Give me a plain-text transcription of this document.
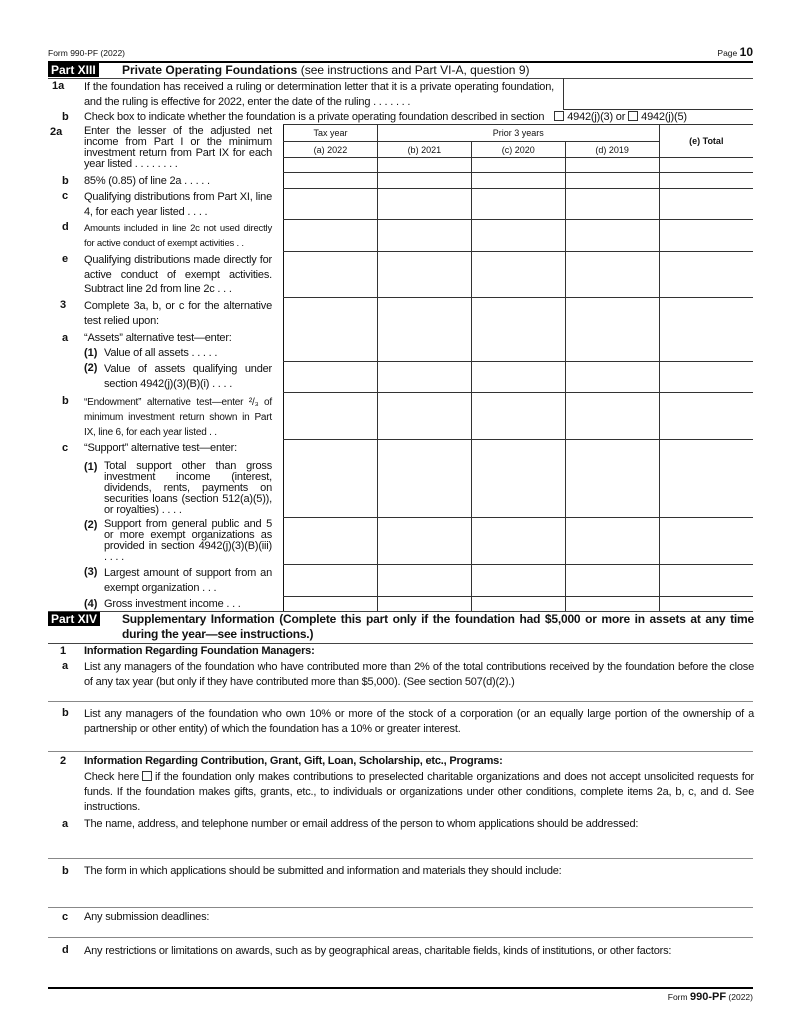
Form 990-PF (2022)	Page 10
Part XIII Private Operating Foundations (see instructions and Part VI-A, question 9)
1a If the foundation has received a ruling or determination letter that it is a private operating foundation, and the ruling is effective for 2022, enter the date of the ruling . . . . . . .
b Check box to indicate whether the foundation is a private operating foundation described in section 4942(j)(3) or 4942(j)(5)
2a Enter the lesser of the adjusted net income from Part I or the minimum investment return from Part IX for each year listed . . . . . . . .
b 85% (0.85) of line 2a . . . . .
c Qualifying distributions from Part XI, line 4, for each year listed . . . .
d Amounts included in line 2c not used directly for active conduct of exempt activities . .
e Qualifying distributions made directly for active conduct of exempt activities. Subtract line 2d from line 2c . . .
3 Complete 3a, b, or c for the alternative test relied upon:
a “Assets” alternative test—enter:
(1) Value of all assets . . . . .
(2) Value of assets qualifying under section 4942(j)(3)(B)(i) . . . .
b “Endowment” alternative test—enter ²/₃ of minimum investment return shown in Part IX, line 6, for each year listed . .
c “Support” alternative test—enter:
(1) Total support other than gross investment income (interest, dividends, rents, payments on securities loans (section 512(a)(5)), or royalties) . . . .
(2) Support from general public and 5 or more exempt organizations as provided in section 4942(j)(3)(B)(iii) . . . .
(3) Largest amount of support from an exempt organization . . .
(4) Gross investment income . . .
Tax year	Prior 3 years			(e) Total
(a) 2022	(b) 2021	(c) 2020	(d) 2019	

Part XIV Supplementary Information (Complete this part only if the foundation had $5,000 or more in assets at any time during the year—see instructions.)
1 Information Regarding Foundation Managers:
a List any managers of the foundation who have contributed more than 2% of the total contributions received by the foundation before the close of any tax year (but only if they have contributed more than $5,000). (See section 507(d)(2).)
b List any managers of the foundation who own 10% or more of the stock of a corporation (or an equally large portion of the ownership of a partnership or other entity) of which the foundation has a 10% or greater interest.
2 Information Regarding Contribution, Grant, Gift, Loan, Scholarship, etc., Programs:
Check here if the foundation only makes contributions to preselected charitable organizations and does not accept unsolicited requests for funds. If the foundation makes gifts, grants, etc., to individuals or organizations under other conditions, complete items 2a, b, c, and d. See instructions.
a The name, address, and telephone number or email address of the person to whom applications should be addressed:
b The form in which applications should be submitted and information and materials they should include:
c Any submission deadlines:
d Any restrictions or limitations on awards, such as by geographical areas, charitable fields, kinds of institutions, or other factors:
Form 990-PF (2022)
